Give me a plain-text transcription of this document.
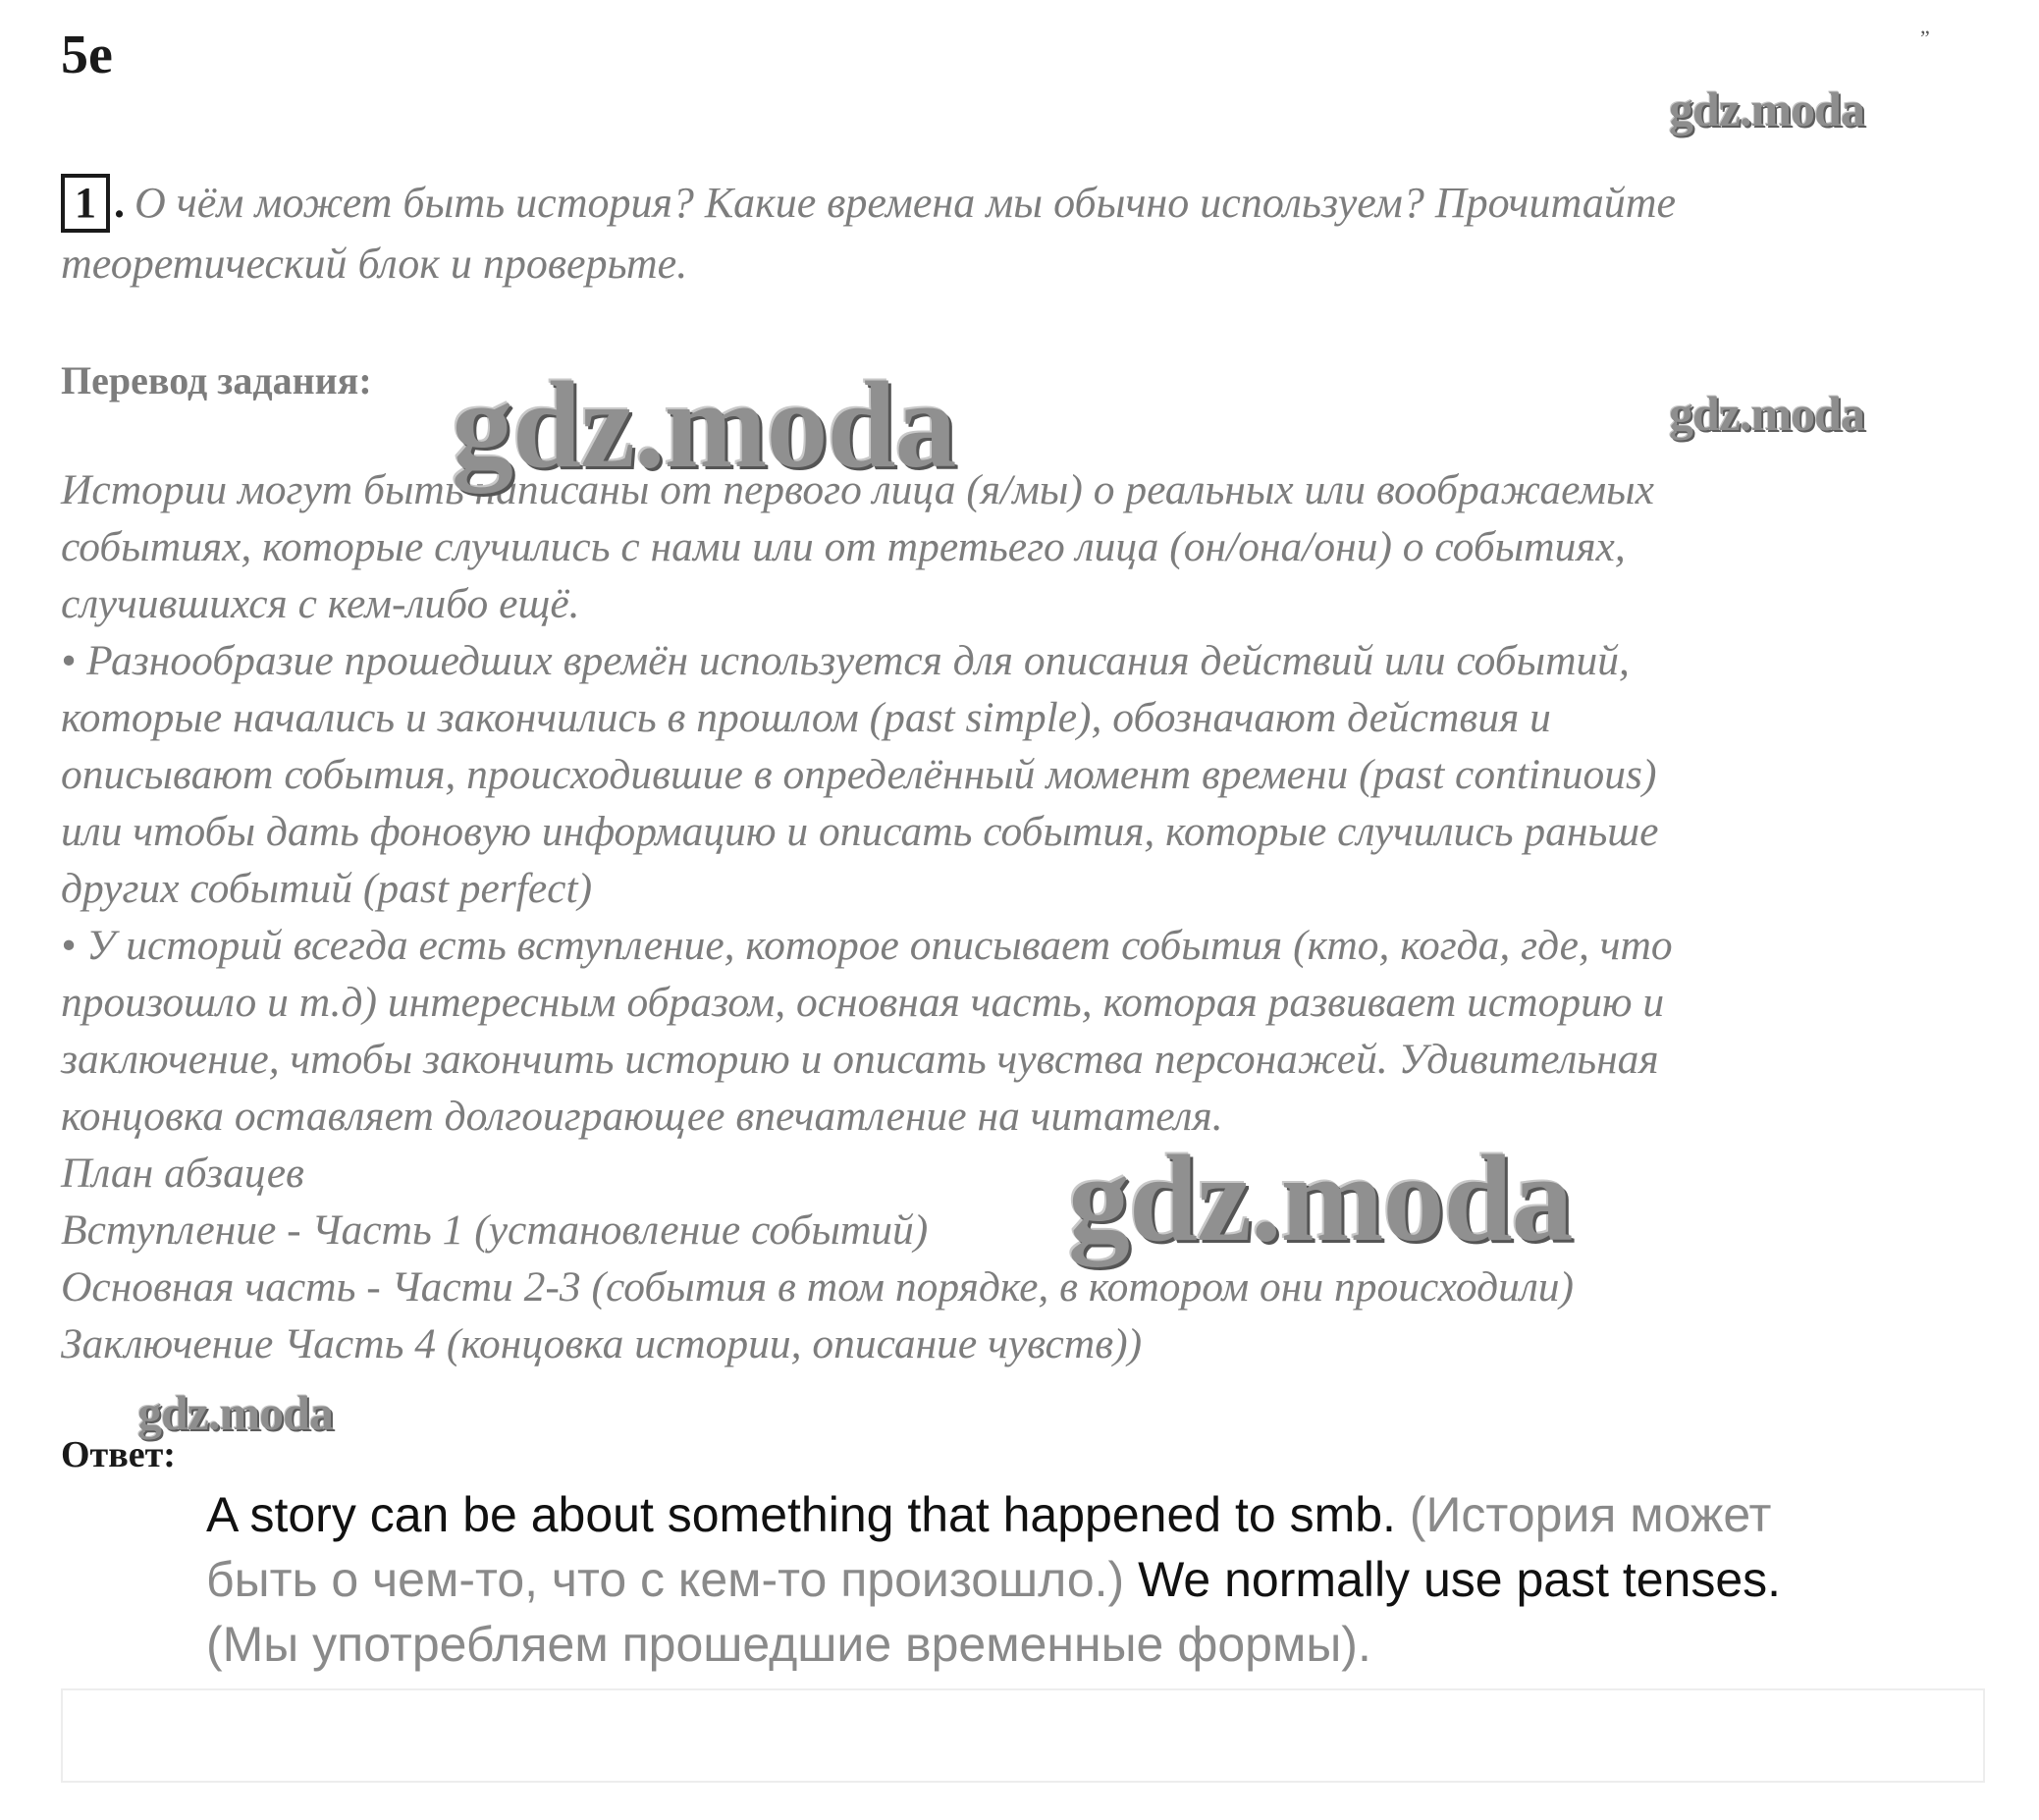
5e	”
gdz.moda

1 . О чём может быть история? Какие времена мы обычно используем? Прочитайте
теоретический блок и проверьте.

Перевод задания: gdz.moda	gdz.moda
Истории могут быть написаны от первого лица (я/мы) о реальных или воображаемых
событиях, которые случились с нами или от третьего лица (он/она/они) о событиях,
случившихся с кем-либо ещё.
• Разнообразие прошедших времён используется для описания действий или событий,
которые начались и закончились в прошлом (past simple), обозначают действия и
описывают события, происходившие в определённый момент времени (past continuous)
или чтобы дать фоновую информацию и описать события, которые случились раньше
других событий (past perfect)
• У историй всегда есть вступление, которое описывает события (кто, когда, где, что
произошло и т.д) интересным образом, основная часть, которая развивает историю и
заключение, чтобы закончить историю и описать чувства персонажей. Удивительная
концовка оставляет долгоиграющее впечатление на читателя.
План абзацев
Вступление - Часть 1 (установление событий)
Основная часть - Части 2-3 (события в том порядке, в котором они происходили)
Заключение Часть 4 (концовка истории, описание чувств))
gdz.moda
gdz.moda
Ответ:
A story can be about something that happened to smb. (История может
быть о чем-то, что с кем-то произошло.) We normally use past tenses.
(Мы употребляем прошедшие временные формы).
